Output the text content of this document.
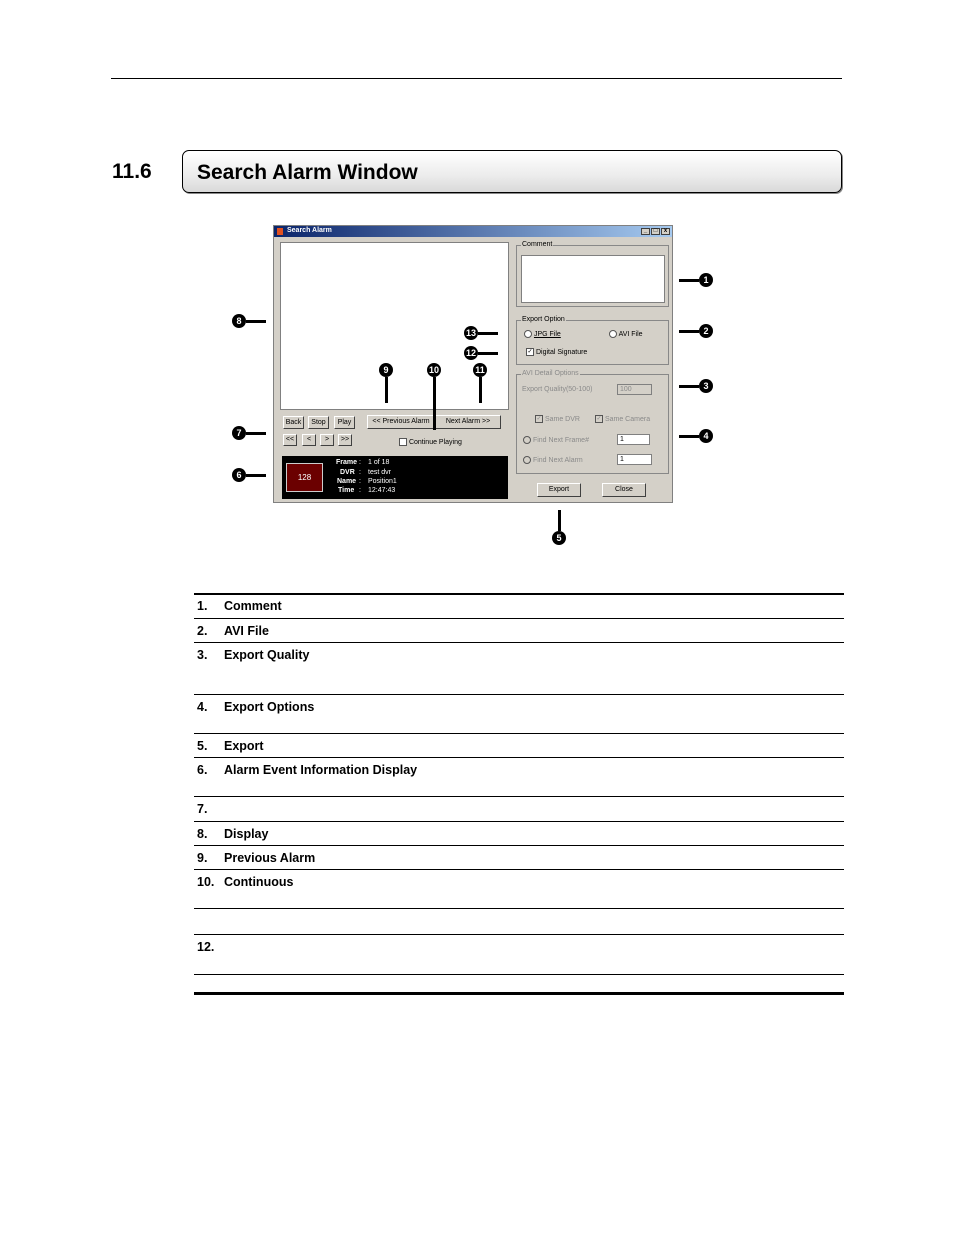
11.6 Search Alarm Window
Search Alarm	_	□	x
Back	Stop	Play	<< Previous Alarm	Next Alarm >>
<<	<	>	>>	Continue Playing
128
Frame : 1 of 18
DVR : test dvr
Name : Position1
Time : 12:47:43
Comment
Export Option
JPG File	AVI File
✓ Digital Signature
AVI Detail Options
Export Quality(50-100)	100
✓ Same DVR	✓ Same Camera
Find Next Frame#	1
Find Next Alarm	1
Export	Close
1
2
3
4
5
6
7
8
9	10	11
12
13
1. Comment
2. AVI File
3. Export Quality
4. Export Options
5. Export
6. Alarm Event Information Display
7.
8. Display
9. Previous Alarm
10. Continuous
12.
